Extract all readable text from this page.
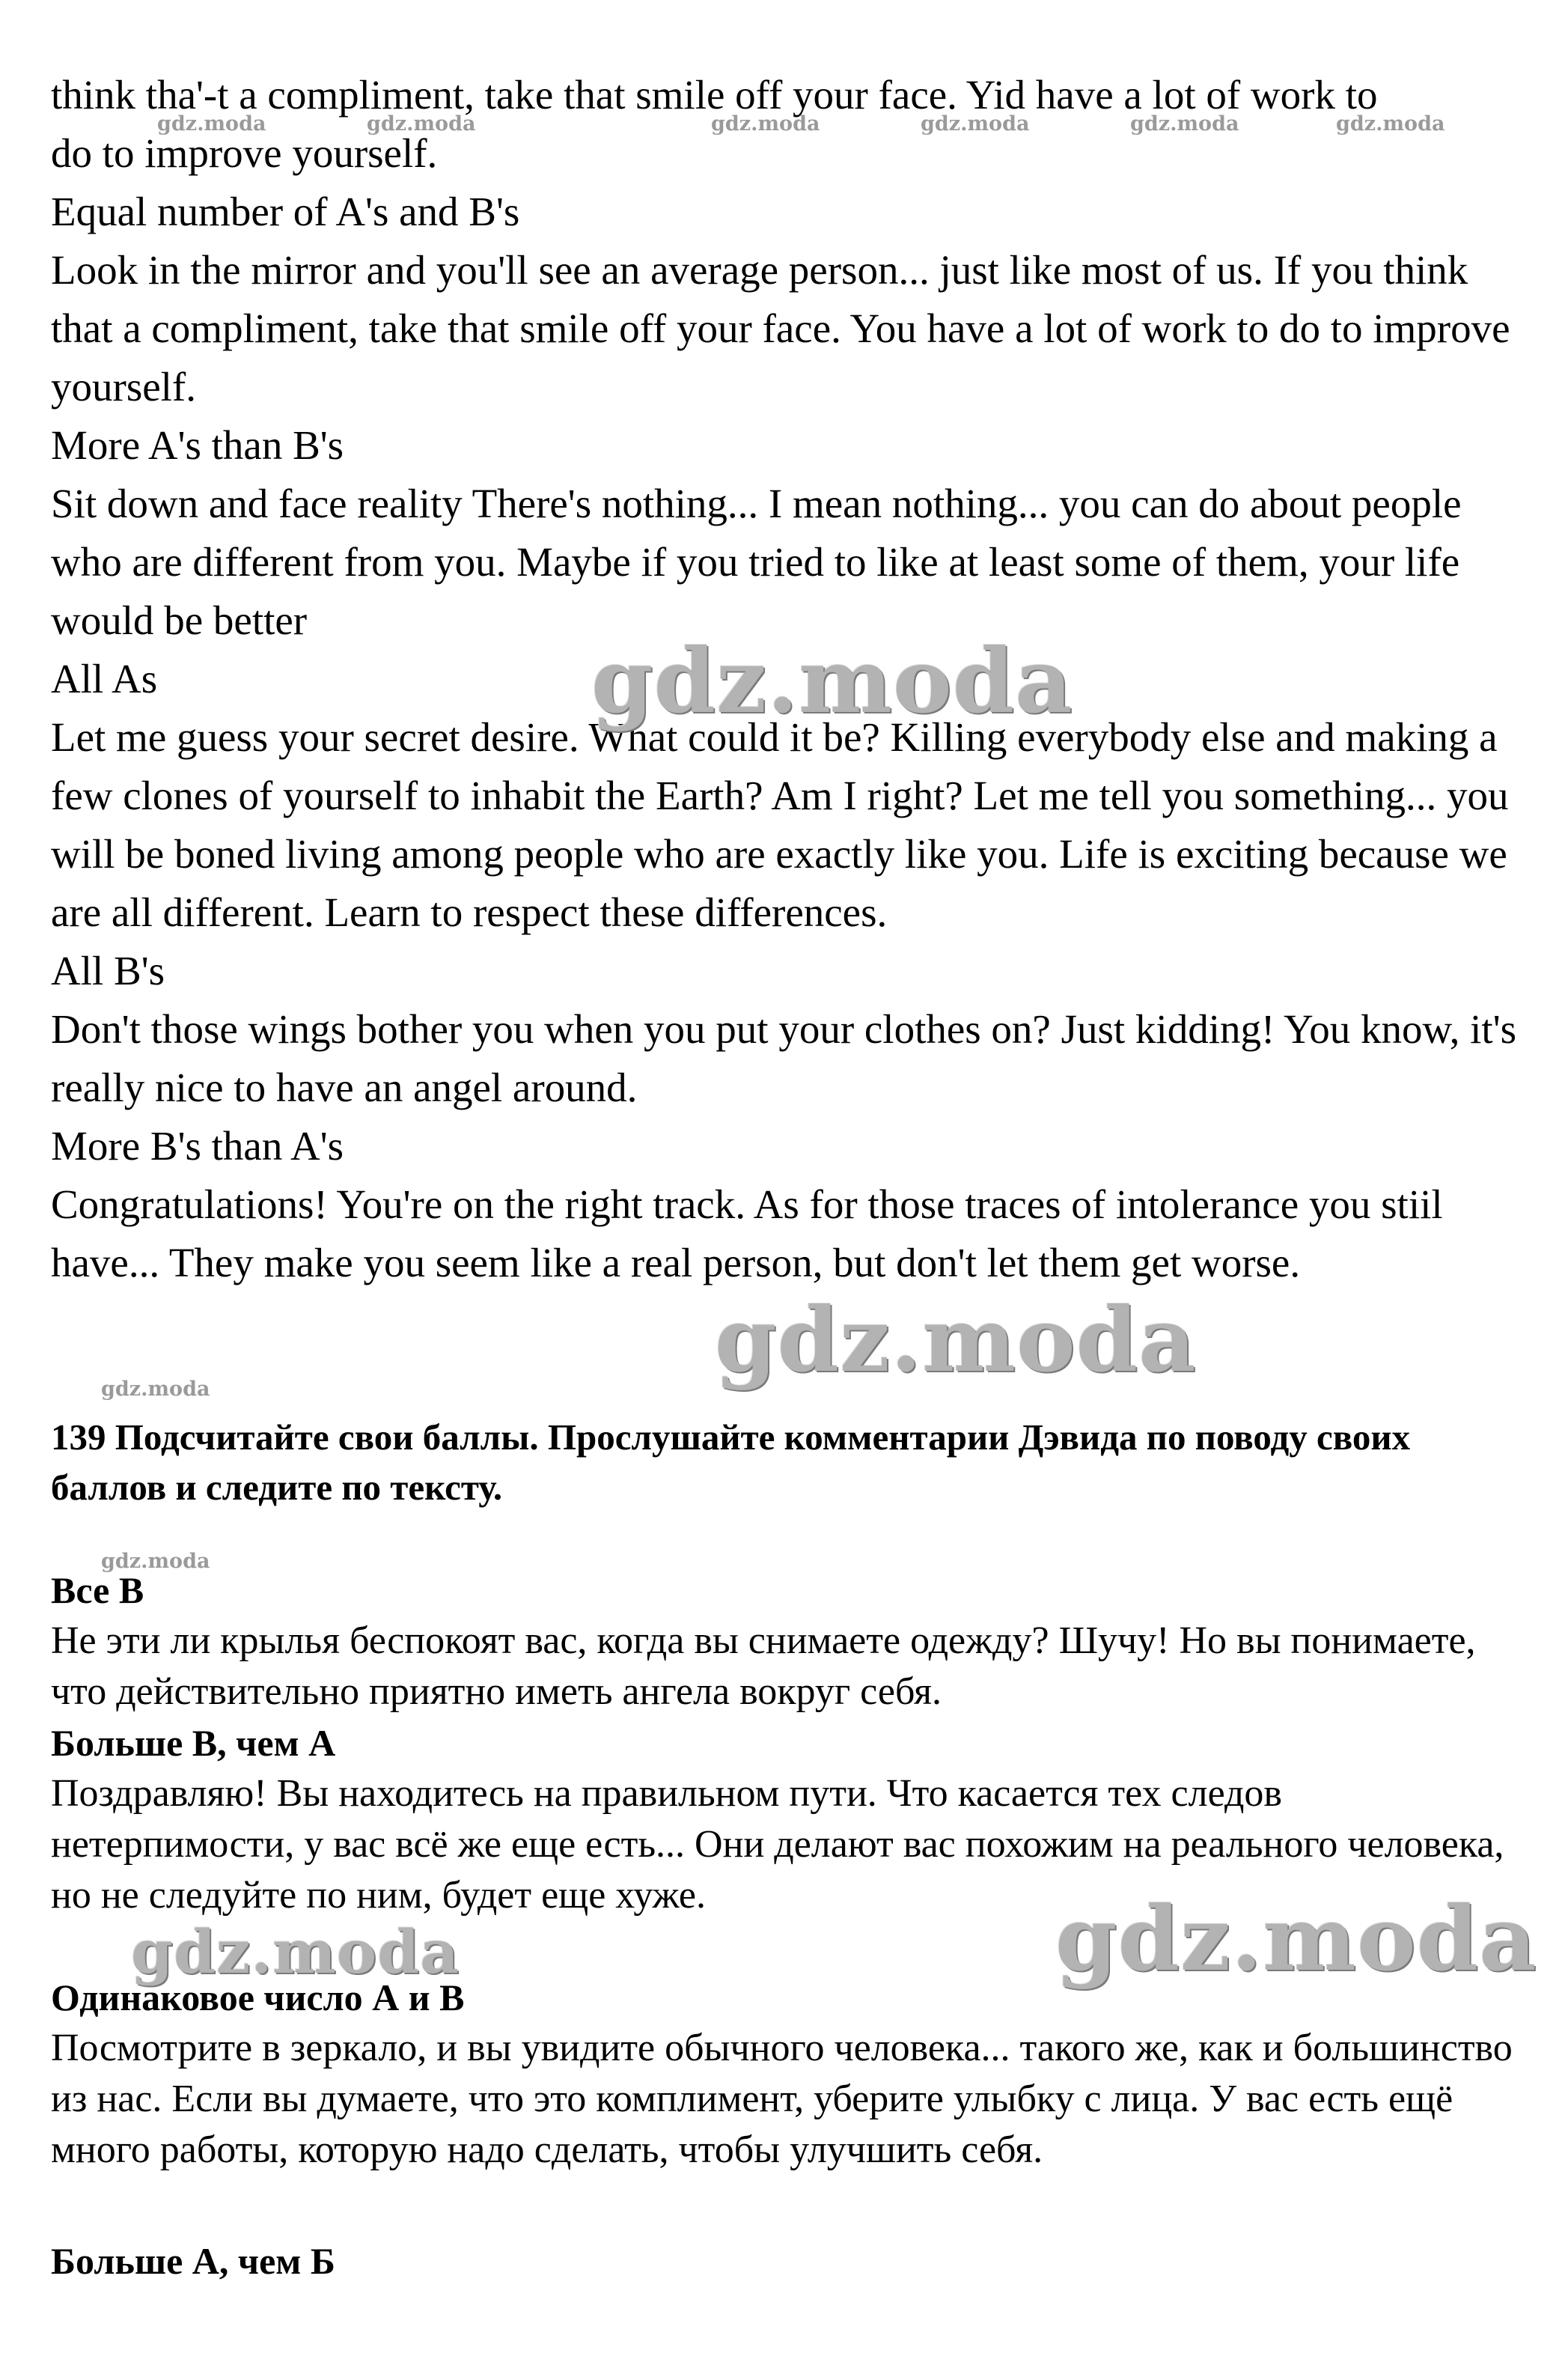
think tha'-t a compliment, take that smile off your face. Yid have a lot of work to

do to improve yourself.

Equal number of A's and B's

Look in the mirror and you'll see an average person... just like most of us. If you think that a compliment, take that smile off your face. You have a lot of work to do to improve yourself.

More A's than B's

Sit down and face reality There's nothing... I mean nothing... you can do about people who are different from you. Maybe if you tried to like at least some of them, your life would be better

All As

Let me guess your secret desire. What could it be? Killing everybody else and making a few clones of yourself to inhabit the Earth? Am I right? Let me tell you something... you will be boned living among people who are exactly like you. Life is exciting because we are all different. Learn to respect these differences.

All B's

Don't those wings bother you when you put your clothes on? Just kidding! You know, it's really nice to have an angel around.

More B's than A's

Congratulations! You're on the right track. As for those traces of intolerance you stiil have... They make you seem like a real person, but don't let them get worse.

139 Подсчитайте свои баллы. Прослушайте комментарии Дэвида по поводу своих баллов и следите по тексту.

Все В

Не эти ли крылья беспокоят вас, когда вы снимаете одежду? Шучу! Но вы понимаете, что действительно приятно иметь ангела вокруг себя.

Больше В, чем А

Поздравляю! Вы находитесь на правильном пути. Что касается тех следов нетерпимости, у вас всё же еще есть... Они делают вас похожим на реального человека, но не следуйте по ним, будет еще хуже.

Одинаковое число А и В

Посмотрите в зеркало, и вы увидите обычного человека... такого же, как и большинство из нас. Если вы думаете, что это комплимент, уберите улыбку с лица. У вас есть ещё много работы, которую надо сделать, чтобы улучшить себя.

Больше А, чем Б

gdz.moda	gdz.moda	gdz.moda	gdz.moda	gdz.moda	gdz.moda
gdz.moda
gdz.moda
gdz.moda
gdz.moda
gdz.moda
gdz.moda
